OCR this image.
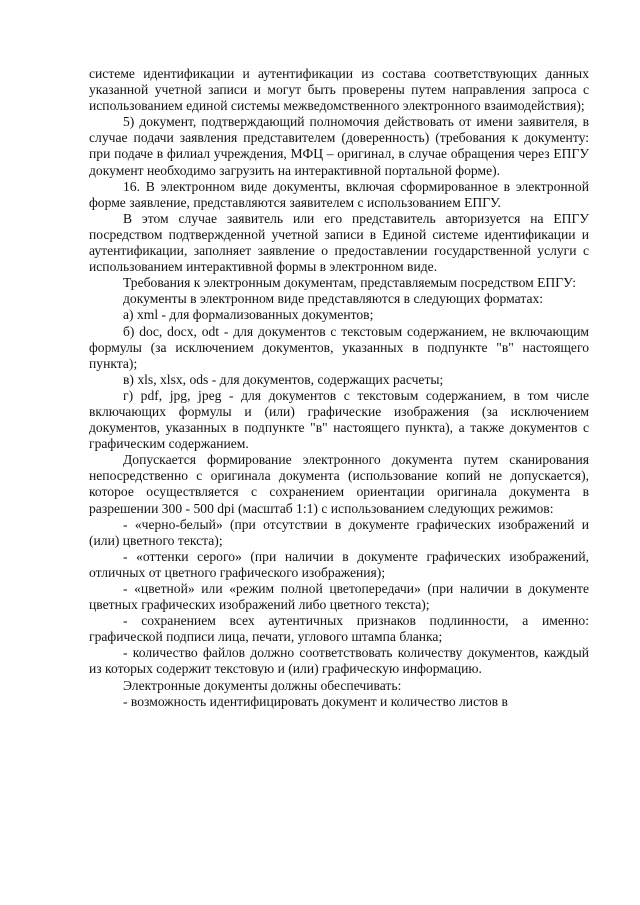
системе идентификации и аутентификации из состава соответствующих данных указанной учетной записи и могут быть проверены путем направления запроса с использованием единой системы межведомственного электронного взаимодействия);

5) документ, подтверждающий полномочия действовать от имени заявителя, в случае подачи заявления представителем (доверенность) (требования к документу: при подаче в филиал учреждения, МФЦ – оригинал, в случае обращения через ЕПГУ документ необходимо загрузить на интерактивной портальной форме).

16. В электронном виде документы, включая сформированное в электронной форме заявление, представляются заявителем с использованием ЕПГУ.

В этом случае заявитель или его представитель авторизуется на ЕПГУ посредством подтвержденной учетной записи в Единой системе идентификации и аутентификации, заполняет заявление о предоставлении государственной услуги с использованием интерактивной формы в электронном виде.

Требования к электронным документам, представляемым посредством ЕПГУ:

документы в электронном виде представляются в следующих форматах:

а) xml - для формализованных документов;

б) doc, docx, odt - для документов с текстовым содержанием, не включающим формулы (за исключением документов, указанных в подпункте "в" настоящего пункта);

в) xls, xlsx, ods - для документов, содержащих расчеты;

г) pdf, jpg, jpeg - для документов с текстовым содержанием, в том числе включающих формулы и (или) графические изображения (за исключением документов, указанных в подпункте "в" настоящего пункта), а также документов с графическим содержанием.

Допускается формирование электронного документа путем сканирования непосредственно с оригинала документа (использование копий не допускается), которое осуществляется с сохранением ориентации оригинала документа в разрешении 300 - 500 dpi (масштаб 1:1) с использованием следующих режимов:

- «черно-белый» (при отсутствии в документе графических изображений и (или) цветного текста);

- «оттенки серого» (при наличии в документе графических изображений, отличных от цветного графического изображения);

- «цветной» или «режим полной цветопередачи» (при наличии в документе цветных графических изображений либо цветного текста);

- сохранением всех аутентичных признаков подлинности, а именно: графической подписи лица, печати, углового штампа бланка;

- количество файлов должно соответствовать количеству документов, каждый из которых содержит текстовую и (или) графическую информацию.

Электронные документы должны обеспечивать:

- возможность идентифицировать документ и количество листов в
